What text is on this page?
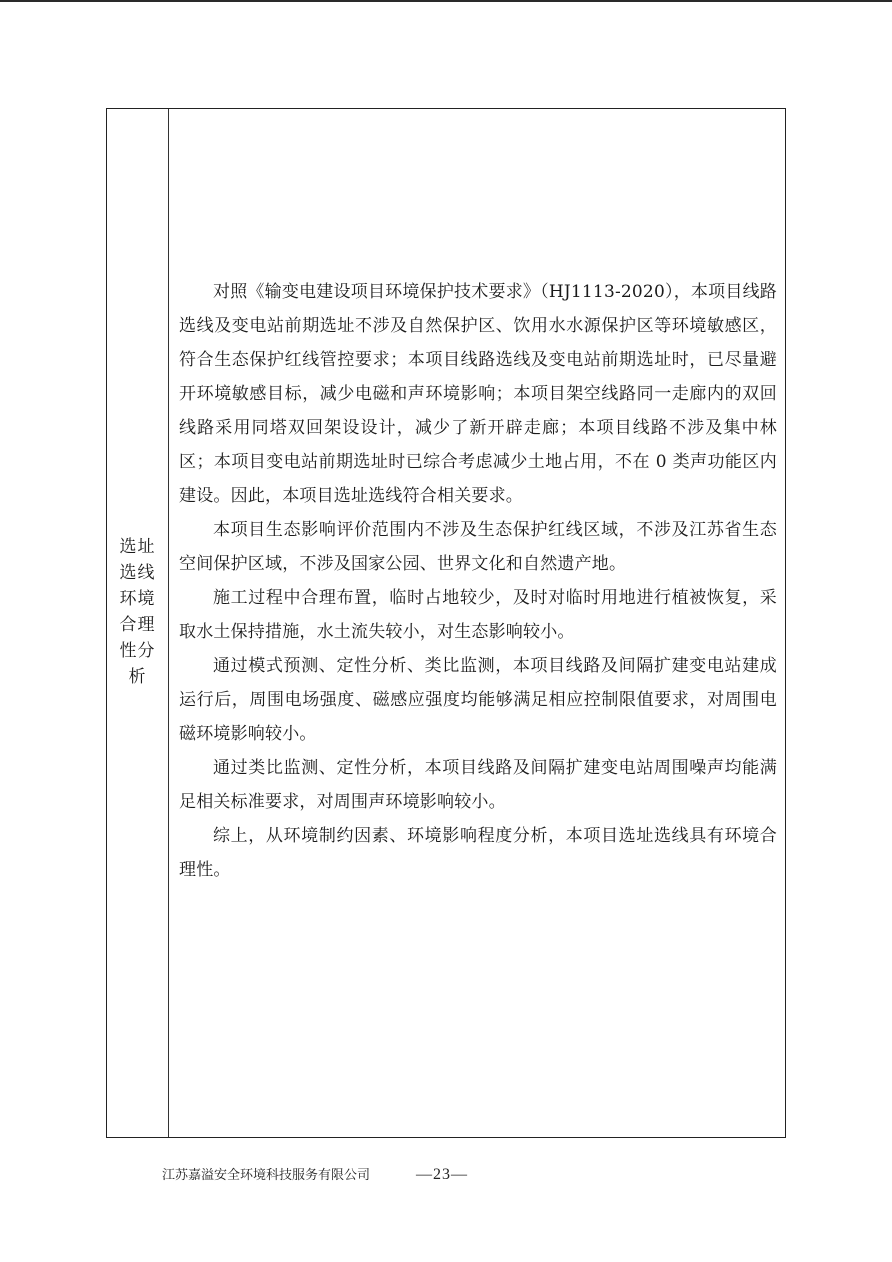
选址选线环境合理性分析

对照《输变电建设项目环境保护技术要求》（HJ1113-2020），本项目线路选线及变电站前期选址不涉及自然保护区、饮用水水源保护区等环境敏感区，符合生态保护红线管控要求；本项目线路选线及变电站前期选址时，已尽量避开环境敏感目标，减少电磁和声环境影响；本项目架空线路同一走廊内的双回线路采用同塔双回架设设计，减少了新开辟走廊；本项目线路不涉及集中林区；本项目变电站前期选址时已综合考虑减少土地占用，不在 0 类声功能区内建设。因此，本项目选址选线符合相关要求。

本项目生态影响评价范围内不涉及生态保护红线区域，不涉及江苏省生态空间保护区域，不涉及国家公园、世界文化和自然遗产地。

施工过程中合理布置，临时占地较少，及时对临时用地进行植被恢复，采取水土保持措施，水土流失较小，对生态影响较小。

通过模式预测、定性分析、类比监测，本项目线路及间隔扩建变电站建成运行后，周围电场强度、磁感应强度均能够满足相应控制限值要求，对周围电磁环境影响较小。

通过类比监测、定性分析，本项目线路及间隔扩建变电站周围噪声均能满足相关标准要求，对周围声环境影响较小。

综上，从环境制约因素、环境影响程度分析，本项目选址选线具有环境合理性。

江苏嘉溢安全环境科技服务有限公司	—23—
